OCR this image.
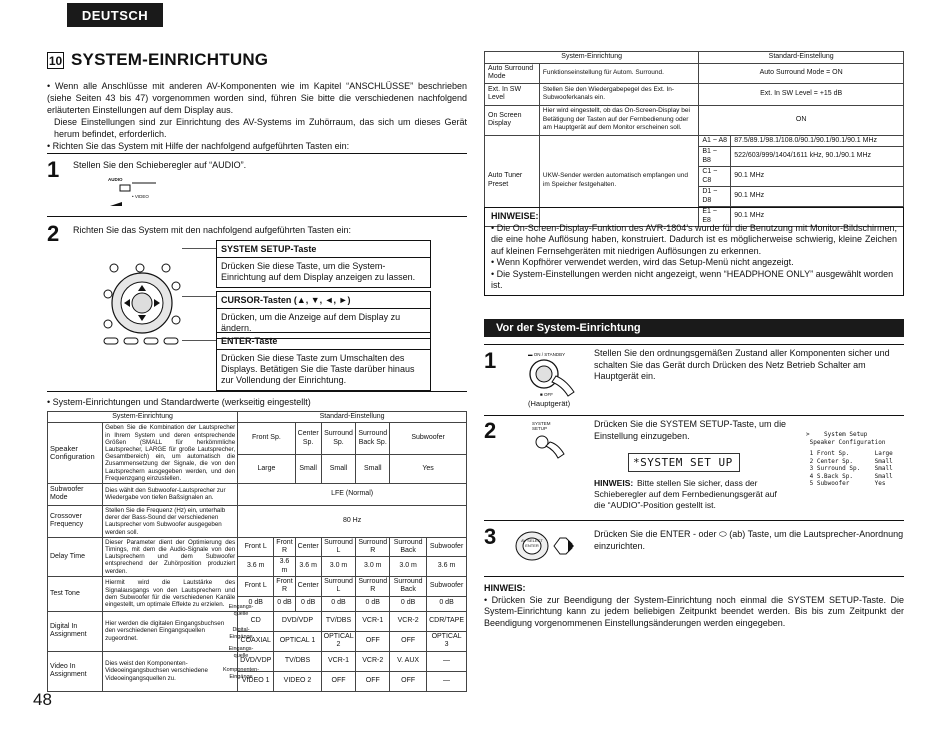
DEUTSCH
10 SYSTEM-EINRICHTUNG

• Wenn alle Anschlüsse mit anderen AV-Komponenten wie im Kapitel “ANSCHLÜSSE” beschrieben (siehe Seiten 43 bis 47) vorgenommen worden sind, führen Sie bitte die verschiedenen nachfolgend erläuterten Einstellungen auf dem Display aus.

Diese Einstellungen sind zur Einrichtung des AV-Systems im Zuhörraum, das sich um dieses Gerät herum befindet, erforderlich.

• Richten Sie das System mit Hilfe der nachfolgend aufgeführten Tasten ein:

1 Stellen Sie den Schieberegler auf “AUDIO”.
AUDIO
• VIDEO
2 Richten Sie das System mit den nachfolgend aufgeführten Tasten ein:
SYSTEM SETUP-Taste
Drücken Sie diese Taste, um die System-Einrichtung auf dem Display anzeigen zu lassen.
CURSOR-Tasten (▲, ▼, ◄, ►)
Drücken, um die Anzeige auf dem Display zu ändern.
ENTER-Taste
Drücken Sie diese Taste zum Umschalten des Displays. Betätigen Sie die Taste darüber hinaus zur Vollendung der Einrichtung.
• System-Einrichtungen und Standardwerte (werkseitig eingestellt)
System-Einrichtung		Standard-Einstellung						
Speaker Configuration	Geben Sie die Kombination der Lautsprecher in Ihrem System und deren entsprechende Größen (SMALL für herkömmliche Lautsprecher, LARGE für große Lautsprecher, Gesamtbereich) ein, um automatisch die Zusammensetzung der Signale, die von den Lautsprechern ausgegeben werden, und den Frequenzgang einzustellen.	Front Sp.		Center Sp.	Surround Sp.	Surround Back Sp.	Subwoofer	
		Large		Small	Small	Small	Yes	
Subwoofer Mode	Dies wählt den Subwoofer-Lautsprecher zur Wiedergabe von tiefen Baßsignalen an.	LFE (Normal)						
Crossover Frequency	Stellen Sie die Frequenz (Hz) ein, unterhalb derer der Bass-Sound der verschiedenen Lautsprecher vom Subwoofer ausgegeben werden soll.	80 Hz						
Delay Time	Dieser Parameter dient der Optimierung des Timings, mit dem die Audio-Signale von den Lautsprechern und dem Subwoofer entsprechend der Zuhörposition produziert werden.	Front L	Front R	Center	Surround L	Surround R	Surround Back	Subwoofer
		3.6 m	3.6 m	3.6 m	3.0 m	3.0 m	3.0 m	3.6 m
Test Tone	Hiermit wird die Lautstärke des Signalausgangs von den Lautsprechern und dem Subwoofer für die verschiedenen Kanäle eingestellt, um optimale Effekte zu erzielen.	Front L	Front R	Center	Surround L	Surround R	Surround Back	Subwoofer
		0 dB	0 dB	0 dB	0 dB	0 dB	0 dB	0 dB
Digital In Assignment	Hier werden die digitalen Eingangsbuchsen den verschiedenen Eingangsquellen zugeordnet.	CD	DVD/VDP		TV/DBS	VCR-1	VCR-2	CDR/TAPE
		COAXIAL	OPTICAL 1		OPTICAL 2	OFF	OFF	OPTICAL 3
Video In Assignment	Dies weist den Komponenten-Videoeingangsbuchsen verschiedene Videoeingangsquellen zu.	DVD/VDP	TV/DBS		VCR-1	VCR-2	V. AUX	—
		VIDEO 1	VIDEO 2		OFF	OFF	OFF	—
Eingangs-quelle
Digital-Eingänge
Eingangs-quelle
Komponenten-Eingänge
48
System-Einrichtung		Standard-Einstellung	
Auto Surround Mode	Funktionseinstellung für Autom. Surround.	Auto Surround Mode = ON	
Ext. In SW Level	Stellen Sie den Wiedergabepegel des Ext. In-Subwooferkanals ein.	Ext. In SW Level = +15 dB	
On Screen Display	Hier wird eingestellt, ob das On-Screen-Display bei Betätigung der Tasten auf der Fernbedienung oder am Hauptgerät auf dem Monitor erscheinen soll.	ON	
Auto Tuner Preset	UKW-Sender werden automatisch empfangen und im Speicher festgehalten.	A1 ~ A8	87.5/89.1/98.1/108.0/90.1/90.1/90.1/90.1 MHz
		B1 ~ B8	522/603/999/1404/1611 kHz, 90.1/90.1 MHz
		C1 ~ C8	90.1 MHz
		D1 ~ D8	90.1 MHz
		E1 ~ E8	90.1 MHz
HINWEISE:
• Die On-Screen-Display-Funktion des AVR-1804’s wurde für die Benutzung mit Monitor-Bildschirmen, die eine hohe Auflösung haben, konstruiert. Dadurch ist es möglicherweise schwierig, kleine Zeichen auf kleinen Fernsehgeräten mit niedrigen Auflösungen zu erkennen.
• Wenn Kopfhörer verwendet werden, wird das Setup-Menü nicht angezeigt.
• Die System-Einstellungen werden nicht angezeigt, wenn “HEADPHONE ONLY” ausgewählt worden ist.
Vor der System-Einrichtung
1	▬ ON / STANDBY
■ OFF
(Hauptgerät)
Stellen Sie den ordnungsgemäßen Zustand aller Komponenten sicher und schalten Sie das Gerät durch Drücken des Netz Betrieb Schalter am Hauptgerät ein.
2	SYSTEM SETUP	Drücken Sie die SYSTEM SETUP-Taste, um die Einstellung einzugeben.
*SYSTEM SET UP
HINWEIS: Bitte stellen Sie sicher, dass der Schieberegler auf dem Fernbedienungsgerät auf die “AUDIO”-Position gestellt ist.
>    System Setup
Speaker Configuration
1 Front Sp.       Large
2 Center Sp.      Small
3 Surround Sp.    Small
4 S.Back Sp.      Small
5 Subwoofer       Yes
3	AV SELECT ENTER
Drücken Sie die ENTER - oder ⬭ (ab) Taste, um die Lautsprecher-Anordnung einzurichten.
HINWEIS:
• Drücken Sie zur Beendigung der System-Einrichtung noch einmal die SYSTEM SETUP-Taste. Die System-Einrichtung kann zu jedem beliebigen Zeitpunkt beendet werden. Bis bis zum Zeitpunkt der Beendigung vorgenommenen Einstellungsänderungen werden eingegeben.
